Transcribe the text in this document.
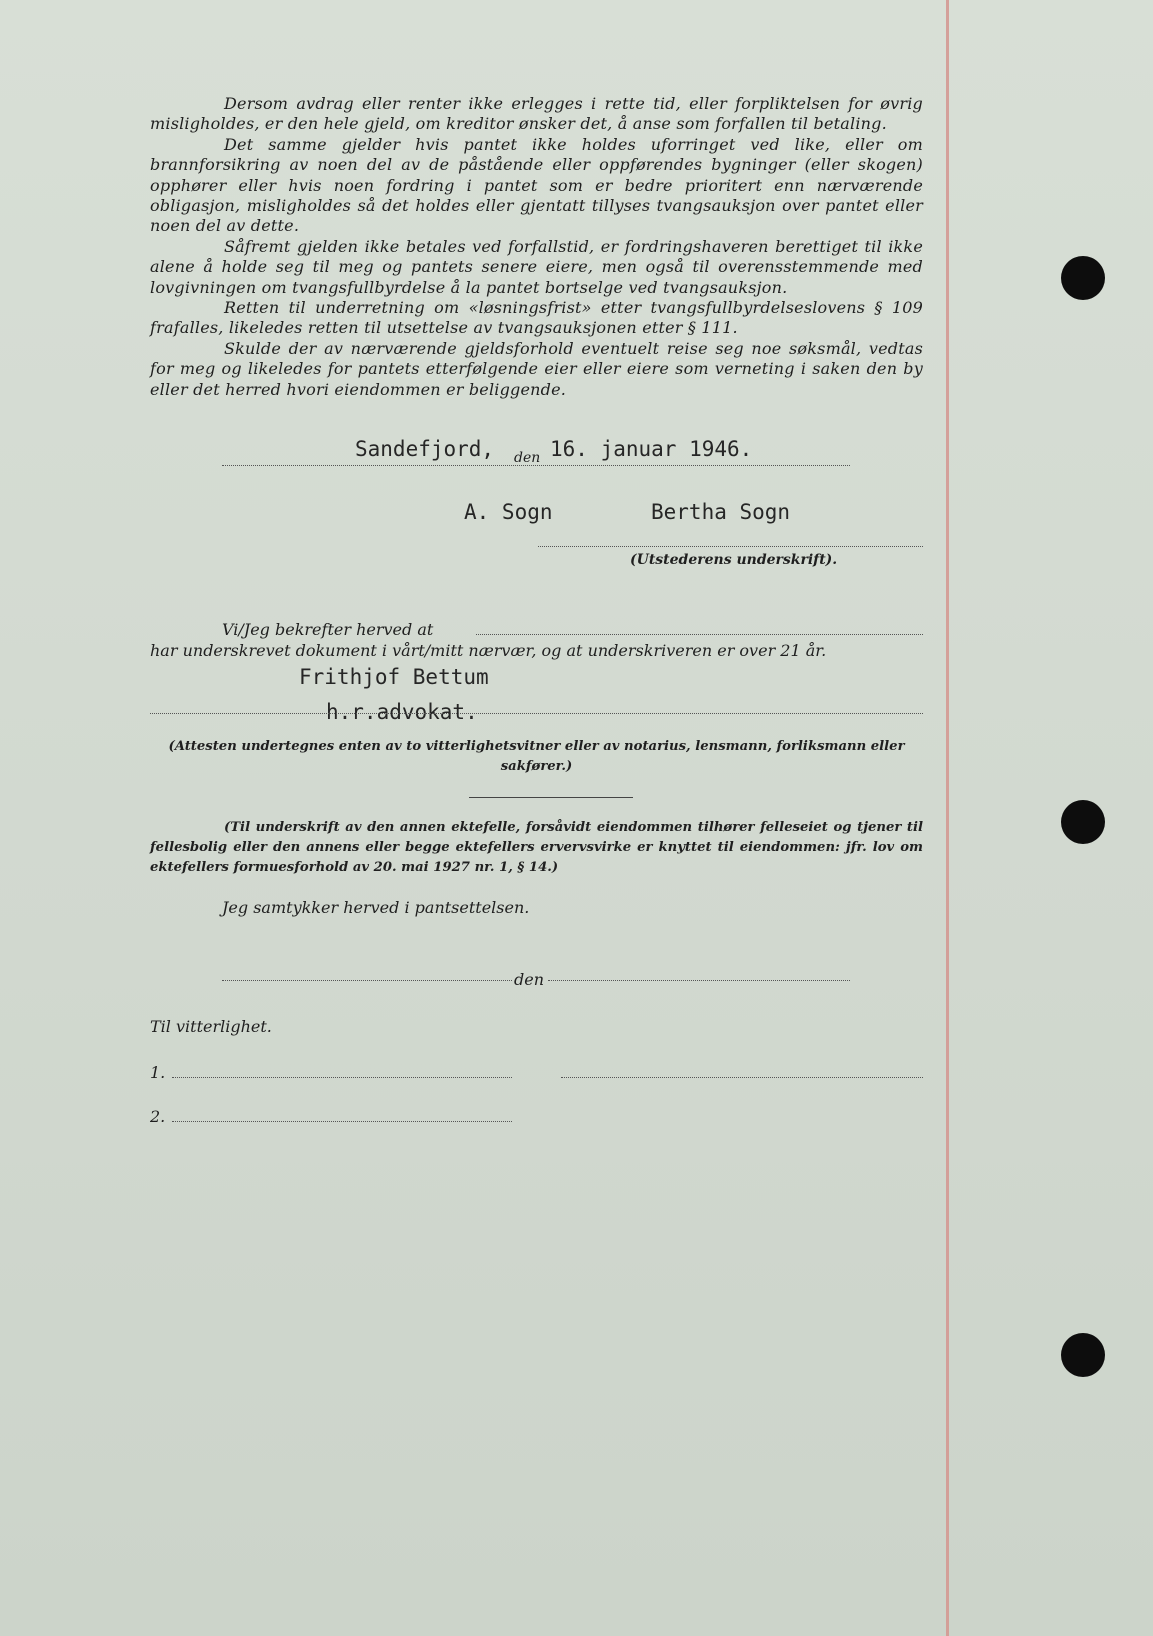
Dersom avdrag eller renter ikke erlegges i rette tid, eller forpliktelsen for øvrig misligholdes, er den hele gjeld, om kreditor ønsker det, å anse som forfallen til betaling.

Det samme gjelder hvis pantet ikke holdes uforringet ved like, eller om brannforsikring av noen del av de påstående eller oppførendes bygninger (eller skogen) opphører eller hvis noen fordring i pantet som er bedre prioritert enn nærværende obligasjon, misligholdes så det holdes eller gjentatt tillyses tvangsauksjon over pantet eller noen del av dette.

Såfremt gjelden ikke betales ved forfallstid, er fordringshaveren berettiget til ikke alene å holde seg til meg og pantets senere eiere, men også til overensstemmende med lovgivningen om tvangsfullbyrdelse å la pantet bortselge ved tvangsauksjon.

Retten til underretning om «løsningsfrist» etter tvangsfullbyrdelseslovens § 109 frafalles, likeledes retten til utsettelse av tvangsauksjonen etter § 111.

Skulde der av nærværende gjeldsforhold eventuelt reise seg noe søksmål, vedtas for meg og likeledes for pantets etterfølgende eier eller eiere som verneting i saken den by eller det herred hvori eiendommen er beliggende.

Sandefjord, den 16. januar 1946.
A. Sogn	Bertha Sogn
(Utstederens underskrift).
Vi/Jeg bekrefter herved at
har underskrevet dokument i vårt/mitt nærvær, og at underskriveren er over 21 år.
Frithjof Bettum
h.r.advokat.
(Attesten undertegnes enten av to vitterlighetsvitner eller av notarius, lensmann, forliksmann eller sakfører.)

(Til underskrift av den annen ektefelle, forsåvidt eiendommen tilhører felleseiet og tjener til fellesbolig eller den annens eller begge ektefellers ervervsvirke er knyttet til eiendommen: jfr. lov om ektefellers formuesforhold av 20. mai 1927 nr. 1, § 14.)

Jeg samtykker herved i pantsettelsen.
den
Til vitterlighet.
1.
2.
